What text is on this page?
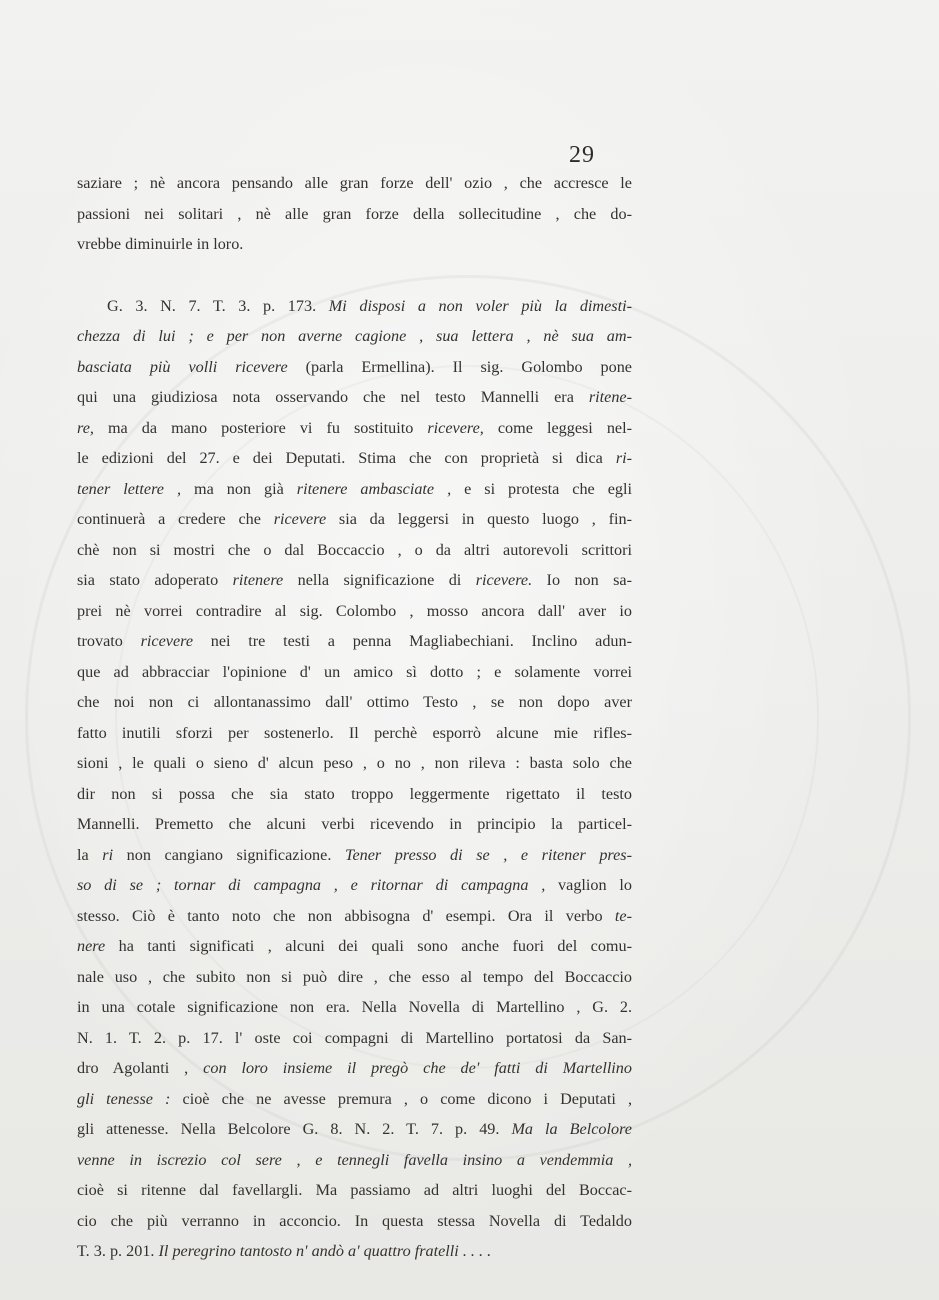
29
saziare ; nè ancora pensando alle gran forze dell' ozio , che accresce le
passioni nei solitari , nè alle gran forze della sollecitudine , che do-
vrebbe diminuirle in loro.
G. 3. N. 7. T. 3. p. 173. Mi disposi a non voler più la dimesti-
chezza di lui ; e per non averne cagione , sua lettera , nè sua am-
basciata più volli ricevere (parla Ermellina). Il sig. Golombo pone
qui una giudiziosa nota osservando che nel testo Mannelli era ritene-
re, ma da mano posteriore vi fu sostituito ricevere, come leggesi nel-
le edizioni del 27. e dei Deputati. Stima che con proprietà si dica ri-
tener lettere , ma non già ritenere ambasciate , e si protesta che egli
continuerà a credere che ricevere sia da leggersi in questo luogo , fin-
chè non si mostri che o dal Boccaccio , o da altri autorevoli scrittori
sia stato adoperato ritenere nella significazione di ricevere. Io non sa-
prei nè vorrei contradire al sig. Colombo , mosso ancora dall' aver io
trovato ricevere nei tre testi a penna Magliabechiani. Inclino adun-
que ad abbracciar l'opinione d' un amico sì dotto ; e solamente vorrei
che noi non ci allontanassimo dall' ottimo Testo , se non dopo aver
fatto inutili sforzi per sostenerlo. Il perchè esporrò alcune mie rifles-
sioni , le quali o sieno d' alcun peso , o no , non rileva : basta solo che
dir non si possa che sia stato troppo leggermente rigettato il testo
Mannelli. Premetto che alcuni verbi ricevendo in principio la particel-
la ri non cangiano significazione. Tener presso di se , e ritener pres-
so di se ; tornar di campagna , e ritornar di campagna , vaglion lo
stesso. Ciò è tanto noto che non abbisogna d' esempi. Ora il verbo te-
nere ha tanti significati , alcuni dei quali sono anche fuori del comu-
nale uso , che subito non si può dire , che esso al tempo del Boccaccio
in una cotale significazione non era. Nella Novella di Martellino , G. 2.
N. 1. T. 2. p. 17. l' oste coi compagni di Martellino portatosi da San-
dro Agolanti , con loro insieme il pregò che de' fatti di Martellino
gli tenesse : cioè che ne avesse premura , o come dicono i Deputati ,
gli attenesse. Nella Belcolore G. 8. N. 2. T. 7. p. 49. Ma la Belcolore
venne in iscrezio col sere , e tennegli favella insino a vendemmia ,
cioè si ritenne dal favellargli. Ma passiamo ad altri luoghi del Boccac-
cio che più verranno in acconcio. In questa stessa Novella di Tedaldo
T. 3. p. 201. Il peregrino tantosto n' andò a' quattro fratelli . . . .
